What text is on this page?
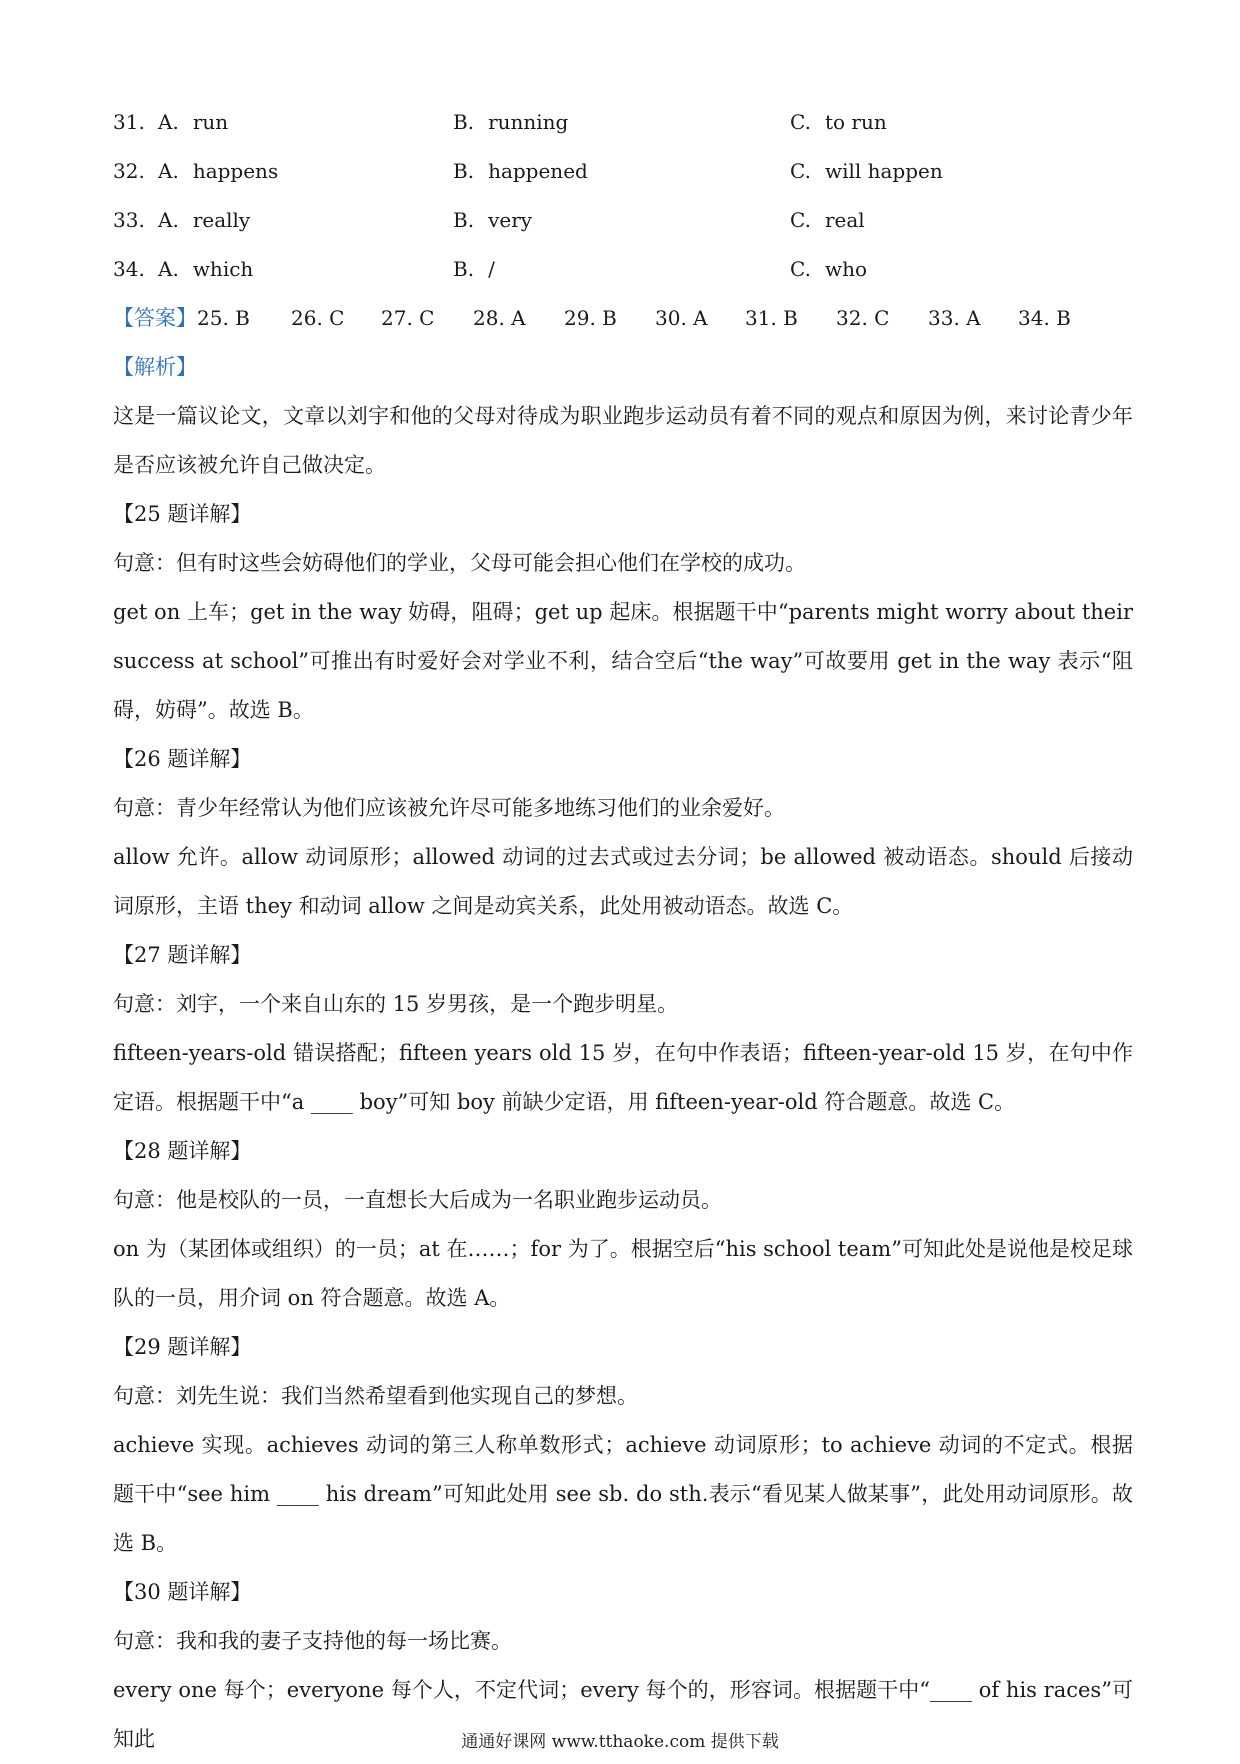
31. A. run	B. running	C. to run
32. A. happens	B. happened	C. will happen
33. A. really	B. very	C. real
34. A. which	B. /	C. who
【答案】 25. B 26. C 27. C 28. A 29. B 30. A 31. B 32. C 33. A 34. B
【解析】

这是一篇议论文，文章以刘宇和他的父母对待成为职业跑步运动员有着不同的观点和原因为例，来讨论青少年是否应该被允许自己做决定。

【25 题详解】

句意：但有时这些会妨碍他们的学业，父母可能会担心他们在学校的成功。

get on 上车；get in the way 妨碍，阻碍；get up 起床。根据题干中“parents might worry about their success at school”可推出有时爱好会对学业不利，结合空后“the way”可故要用 get in the way 表示“阻碍，妨碍”。故选 B。

【26 题详解】

句意：青少年经常认为他们应该被允许尽可能多地练习他们的业余爱好。

allow 允许。allow 动词原形；allowed 动词的过去式或过去分词；be allowed 被动语态。should 后接动词原形，主语 they 和动词 allow 之间是动宾关系，此处用被动语态。故选 C。

【27 题详解】

句意：刘宇，一个来自山东的 15 岁男孩，是一个跑步明星。

fifteen-years-old 错误搭配；fifteen years old 15 岁，在句中作表语；fifteen-year-old 15 岁，在句中作定语。根据题干中“a ____ boy”可知 boy 前缺少定语，用 fifteen-year-old 符合题意。故选 C。

【28 题详解】

句意：他是校队的一员，一直想长大后成为一名职业跑步运动员。

on 为（某团体或组织）的一员；at 在……；for 为了。根据空后“his school team”可知此处是说他是校足球队的一员，用介词 on 符合题意。故选 A。

【29 题详解】

句意：刘先生说：我们当然希望看到他实现自己的梦想。

achieve 实现。achieves 动词的第三人称单数形式；achieve 动词原形；to achieve 动词的不定式。根据题干中“see him ____ his dream”可知此处用 see sb. do sth.表示“看见某人做某事”，此处用动词原形。故选 B。

【30 题详解】

句意：我和我的妻子支持他的每一场比赛。

every one 每个；everyone 每个人，不定代词；every 每个的，形容词。根据题干中“____ of his races”可知此	通通好课网 www.tthaoke.com 提供下载
